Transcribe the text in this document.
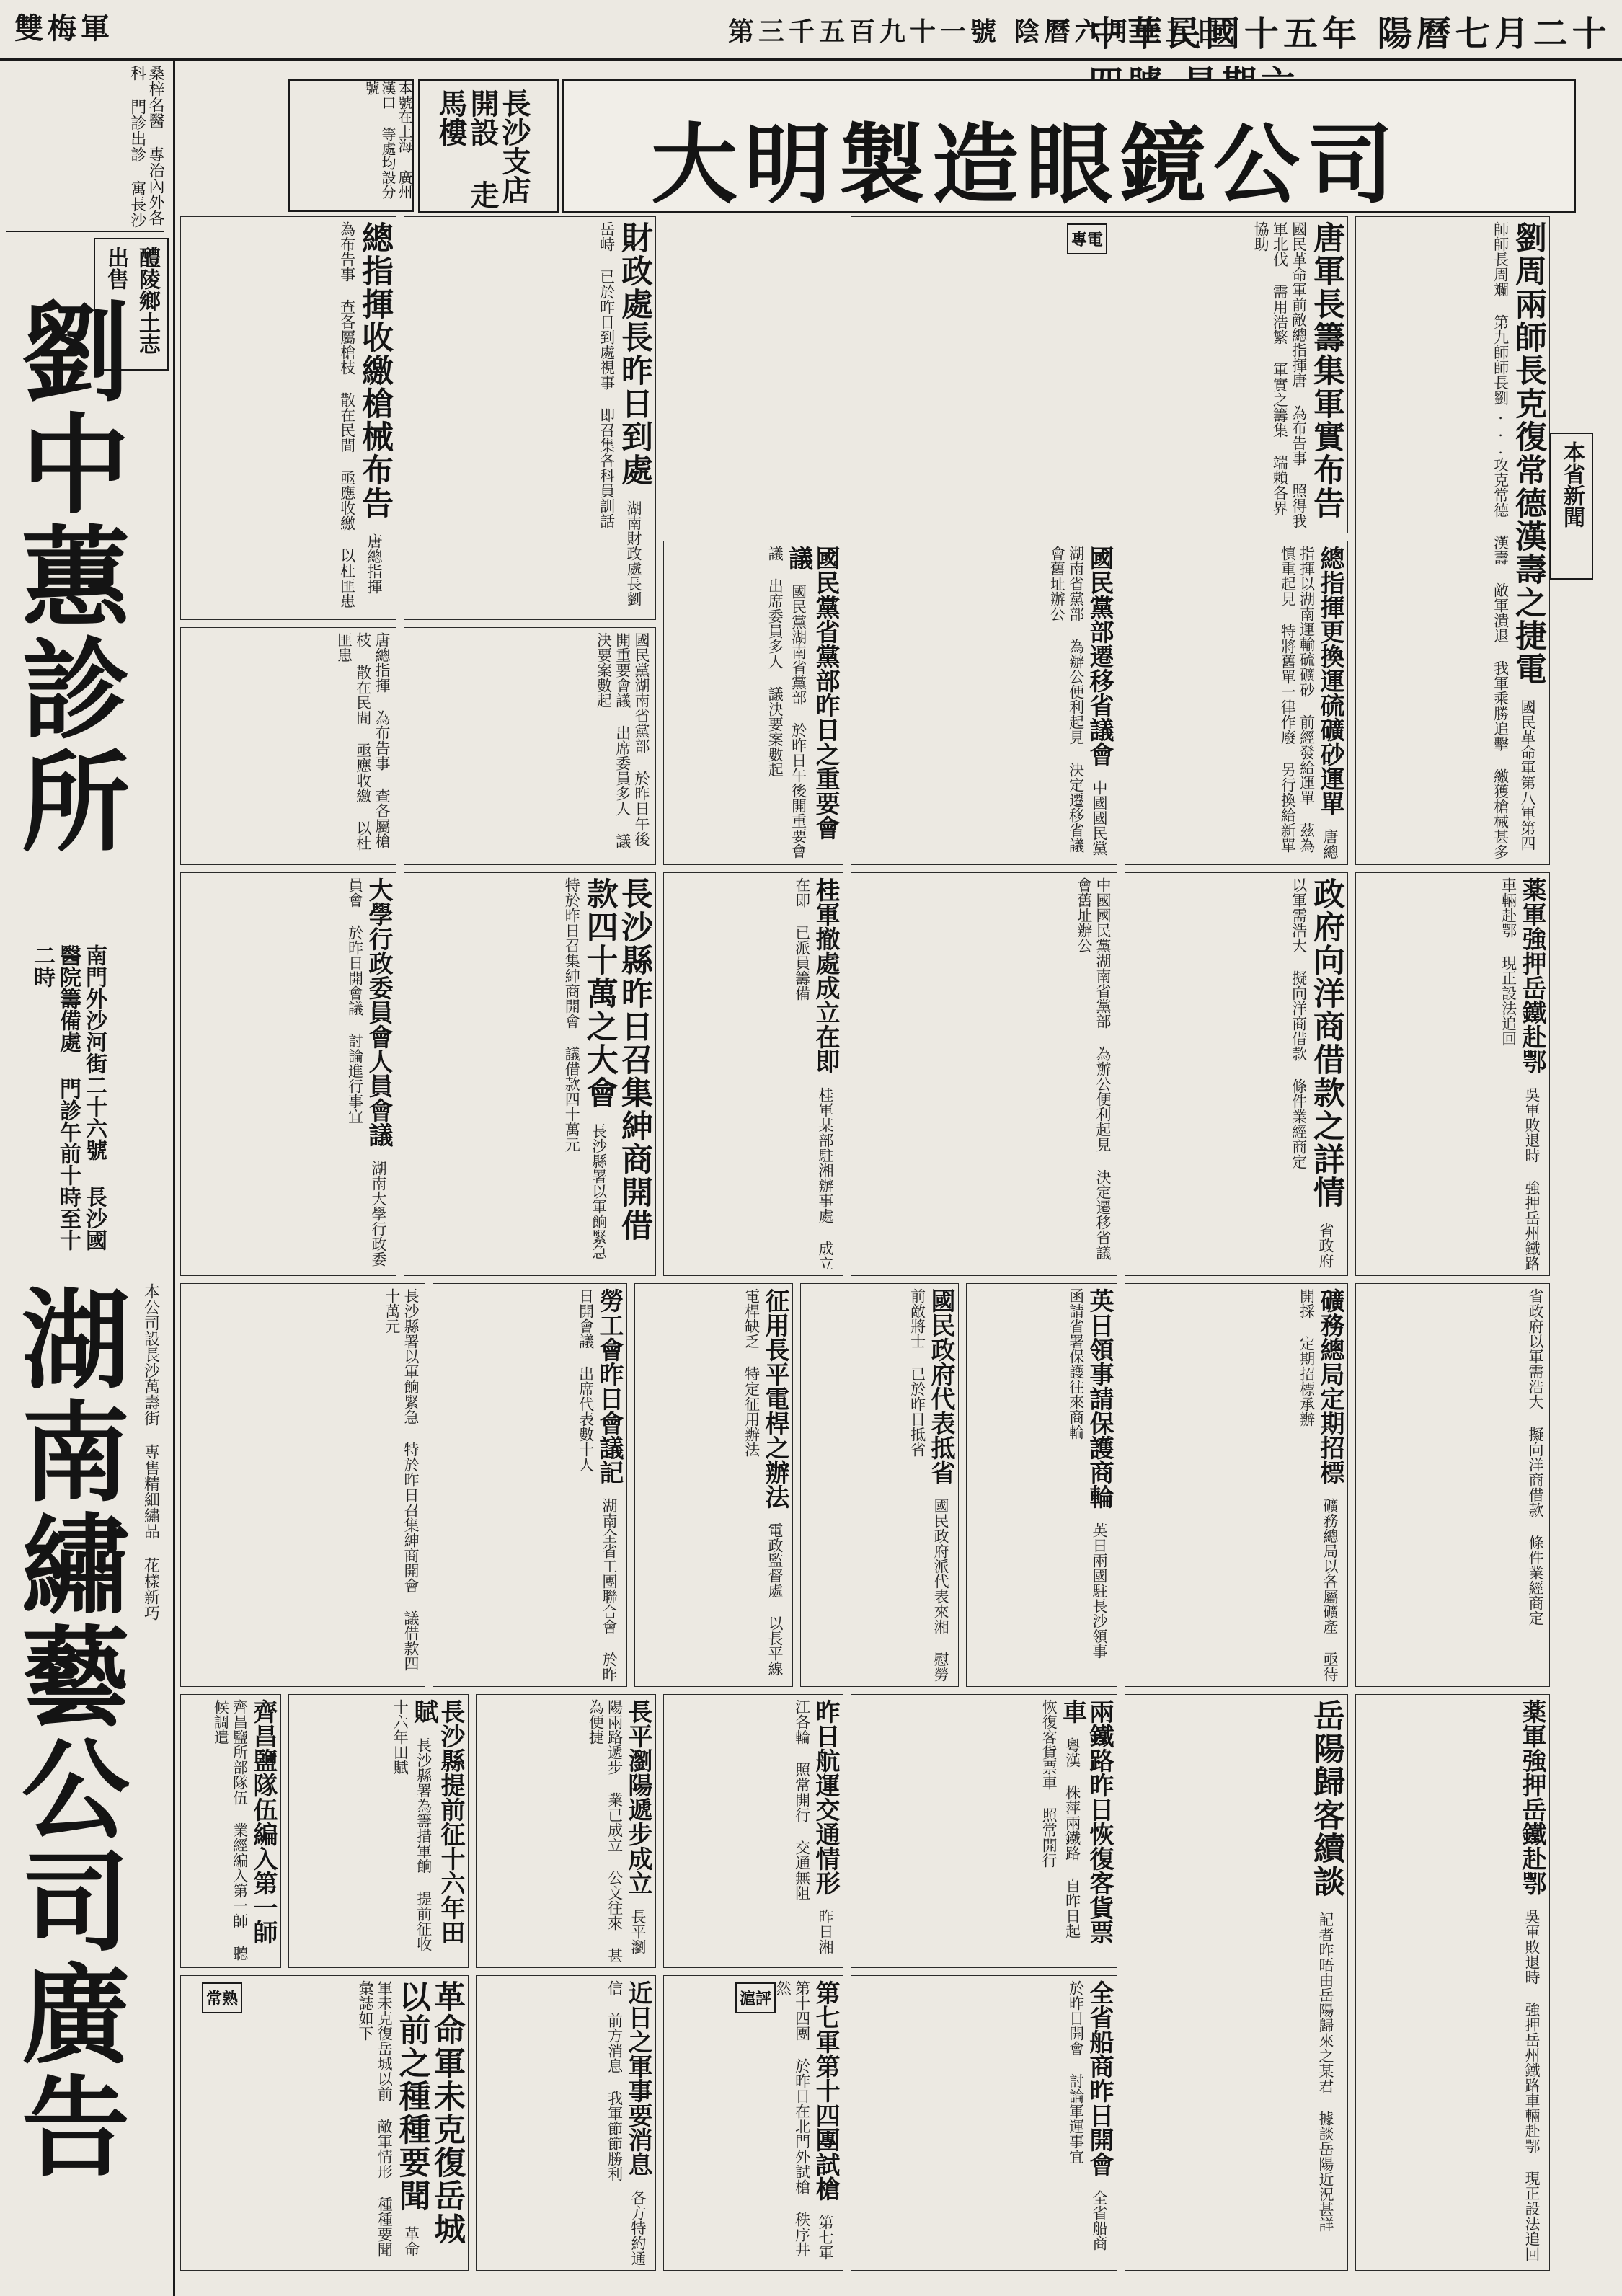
中華民國十五年 陽曆七月二十
第三千五百九十一號 陰曆六月十五日
雙梅軍
桑梓名醫 專治內外各科 門診出診 寓長沙
醴陵鄉土志出售
劉中蕙診所
南門外沙河街二十六號 長沙國醫院籌備處 門診午前十時至十二時
湖南繡藝公司廣告 本公司設長沙萬壽街 專售精細繡品 花樣新巧
本號在上海 廣州 漢口 等處均設分號
長沙支店 開設 走馬樓	大明製造眼鏡公司
本省新聞
劉周兩師長克復常德漢壽之捷電 國民革命軍第八軍第四師師長周斕 第九師師長劉...攻克常德 漢壽 敵軍潰退 我軍乘勝追擊 繳獲槍械甚多
唐軍長籌集軍實布告 國民革命軍前敵總指揮唐 為布告事 照得我軍北伐 需用浩繁 軍實之籌集 端賴各界協助
總指揮更換運硫礦砂運單 唐總指揮以湖南運輸硫礦砂 前經發給運單 茲為慎重起見 特將舊單一律作廢 另行換給新單
國民黨部遷移省議會 中國國民黨湖南省黨部 為辦公便利起見 決定遷移省議會舊址辦公
國民黨省黨部昨日之重要會議 國民黨湖南省黨部 於昨日午後開重要會議 出席委員多人 議決要案數起
財政處長昨日到處 湖南財政處長劉岳峙 已於昨日到處視事 即召集各科員訓話
總指揮收繳槍械布告 唐總指揮 為布告事 查各屬槍枝 散在民間 亟應收繳 以杜匪患
國民黨湖南省黨部 於昨日午後開重要會議 出席委員多人 議決要案數起
唐總指揮 為布告事 查各屬槍枝 散在民間 亟應收繳 以杜匪患
薬軍強押岳鐵赴鄂 吳軍敗退時 強押岳州鐵路車輛赴鄂 現正設法追回
政府向洋商借款之詳情 省政府以軍需浩大 擬向洋商借款 條件業經商定
中國國民黨湖南省黨部 為辦公便利起見 決定遷移省議會舊址辦公
桂軍撤處成立在即 桂軍某部駐湘辦事處 成立在即 已派員籌備
長沙縣昨日召集紳商開借款四十萬之大會 長沙縣署以軍餉緊急 特於昨日召集紳商開會 議借款四十萬元
大學行政委員會人員會議 湖南大學行政委員會 於昨日開會議 討論進行事宜
省政府以軍需浩大 擬向洋商借款 條件業經商定
礦務總局定期招標 礦務總局以各屬礦產 亟待開採 定期招標承辦
英日領事請保護商輪 英日兩國駐長沙領事 函請省署保護往來商輪
國民政府代表抵省 國民政府派代表來湘 慰勞前敵將士 已於昨日抵省
征用長平電桿之辦法 電政監督處 以長平線電桿缺乏 特定征用辦法
勞工會昨日會議記 湖南全省工團聯合會 於昨日開會議 出席代表數十人
長沙縣署以軍餉緊急 特於昨日召集紳商開會 議借款四十萬元
薬軍強押岳鐵赴鄂 吳軍敗退時 強押岳州鐵路車輛赴鄂 現正設法追回
岳陽歸客續談 記者昨晤由岳陽歸來之某君 據談岳陽近況甚詳
兩鐵路昨日恢復客貨票車 粵漢 株萍兩鐵路 自昨日起 恢復客貨票車 照常開行
昨日航運交通情形 昨日湘江各輪 照常開行 交通無阻
長平瀏陽遞步成立 長平瀏陽兩路遞步 業已成立 公文往來 甚為便捷
長沙縣提前征十六年田賦 長沙縣署為籌措軍餉 提前征收十六年田賦
齊昌鹽隊伍編入第一師 齊昌鹽所部隊伍 業經編入第一師 聽候調遣
全省船商昨日開會 全省船商 於昨日開會 討論軍運事宜
第七軍第十四團試槍 第七軍第十四團 於昨日在北門外試槍 秩序井然
近日之軍事要消息 各方特約通信 前方消息 我軍節節勝利
革命軍未克復岳城以前之種種要聞 革命軍未克復岳城以前 敵軍情形 種種要聞 彙誌如下	滬評
常熟
專電
